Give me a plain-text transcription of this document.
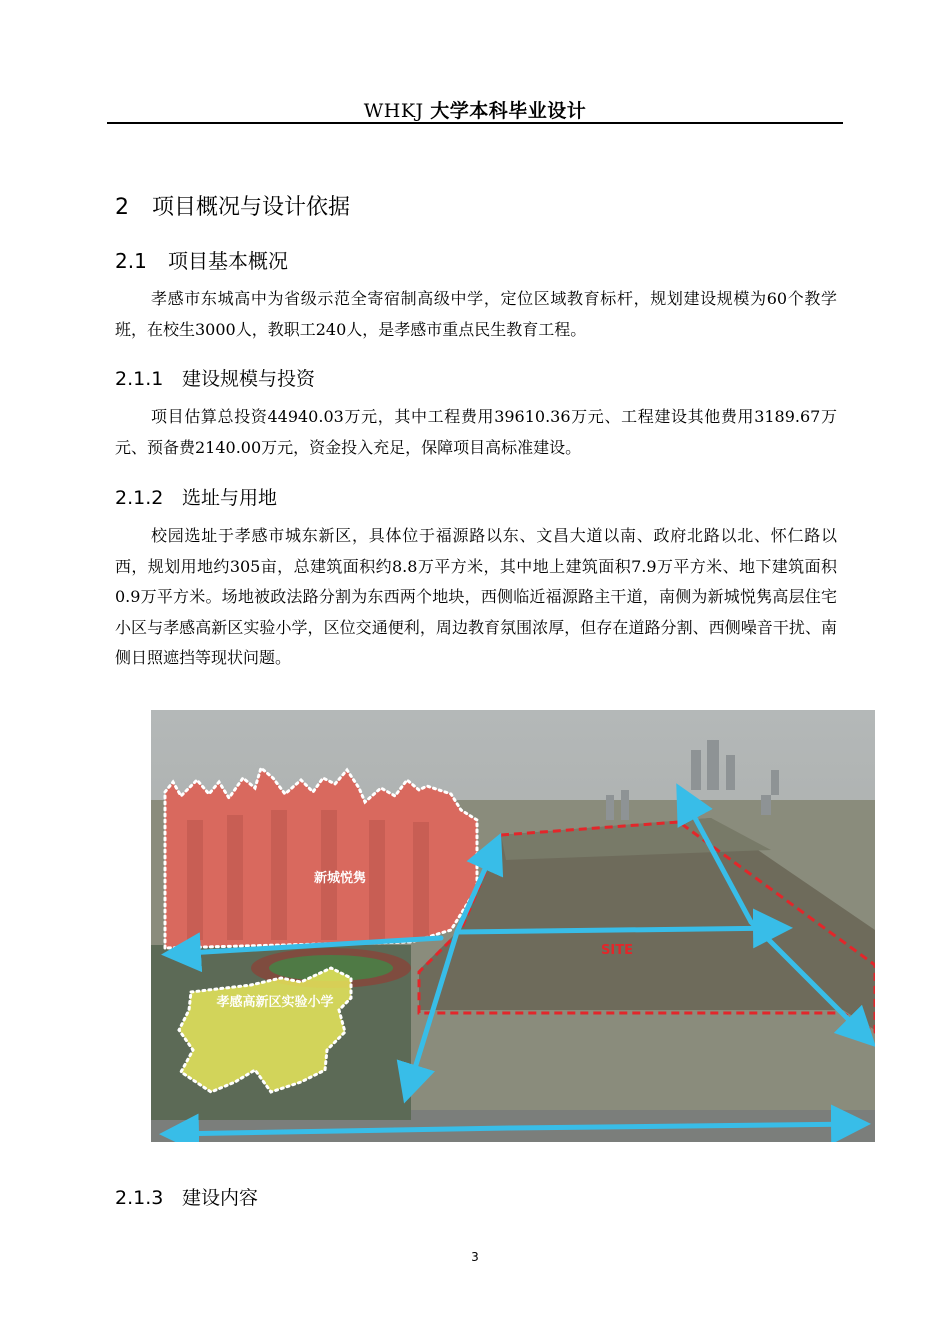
WHKJ 大学本科毕业设计
2 项目概况与设计依据
2.1 项目基本概况
孝感市东城高中为省级示范全寄宿制高级中学，定位区域教育标杆，规划建设规模为60个教学班，在校生3000人，教职工240人，是孝感市重点民生教育工程。
2.1.1 建设规模与投资
项目估算总投资44940.03万元，其中工程费用39610.36万元、工程建设其他费用3189.67万元、预备费2140.00万元，资金投入充足，保障项目高标准建设。
2.1.2 选址与用地
校园选址于孝感市城东新区，具体位于福源路以东、文昌大道以南、政府北路以北、怀仁路以西，规划用地约305亩，总建筑面积约8.8万平方米，其中地上建筑面积7.9万平方米、地下建筑面积0.9万平方米。场地被政法路分割为东西两个地块，西侧临近福源路主干道，南侧为新城悦隽高层住宅小区与孝感高新区实验小学，区位交通便利，周边教育氛围浓厚，但存在道路分割、西侧噪音干扰、南侧日照遮挡等现状问题。
新城悦隽
孝感高新区实验小学
SITE
2.1.3 建设内容
3
